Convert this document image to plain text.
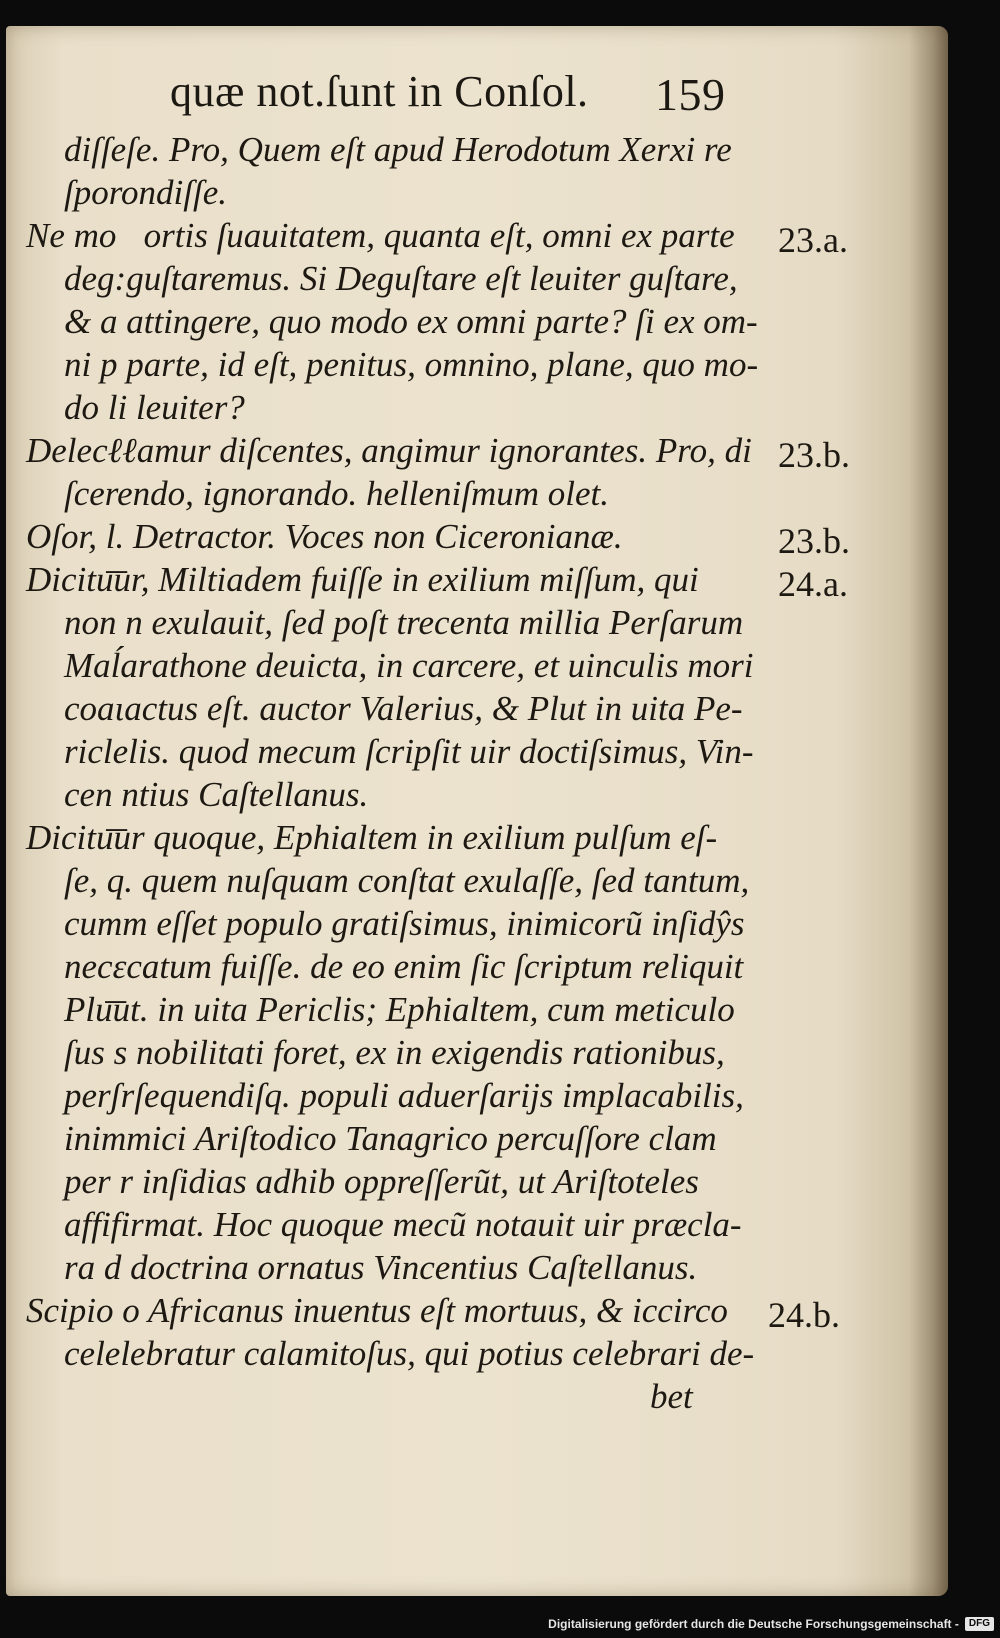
quæ not.ſunt in Conſol. 159
diſſeſe. Pro, Quem eſt apud Herodotum Xerxi re
ſporondiſſe.
Ne mo᷑ortis ſuauitatem, quanta eſt, omni ex parte
deg:guſtaremus. Si Deguſtare eſt leuiter guſtare,
& a attingere, quo modo ex omni parte? ſi ex om-
ni p parte, id eſt, penitus, omnino, plane, quo mo-
do li leuiter?
Delecℓℓamur diſcentes, angimur ignorantes. Pro, di
ſcerendo, ignorando. helleniſmum olet.
Oſor, l. Detractor. Voces non Ciceronianæ.
Dicitu͞ur, Miltiadem fuiſſe in exilium miſſum, qui
non n exulauit, ſed poſt trecenta millia Perſarum
Maĺarathone deuicta, in carcere, et uinculis mori
coaιactus eſt. auctor Valerius, & Plut in uita Pe-
riclelis. quod mecum ſcripſit uir doctiſsimus, Vin-
cen ntius Caſtellanus.
Dicitu͞ur quoque, Ephialtem in exilium pulſum eſ-
ſe, q. quem nuſquam conſtat exulaſſe, ſed tantum,
cumm eſſet populo gratiſsimus, inimicorũ inſidŷs
necɛcatum fuiſſe. de eo enim ſic ſcriptum reliquit
Plu͞ut. in uita Periclis; Ephialtem, cum meticulo
ſus s nobilitati foret, ex in exigendis rationibus,
perʃrſequendiſq. populi aduerſarijs implacabilis,
inimmici Ariſtodico Tanagrico percuſſore clam
per r inſidias adhib oppreſſerũt, ut Ariſtoteles
affifirmat. Hoc quoque mecũ notauit uir præcla-
ra d doctrina ornatus Vincentius Caſtellanus.
Scipio o Africanus inuentus eſt mortuus, & iccirco
celelebratur calamitoſus, qui potius celebrari de-
bet
23.a.
23.b.
23.b.
24.a.
24.b.
Digitalisierung gefördert durch die Deutsche Forschungsgemeinschaft -	DFG
